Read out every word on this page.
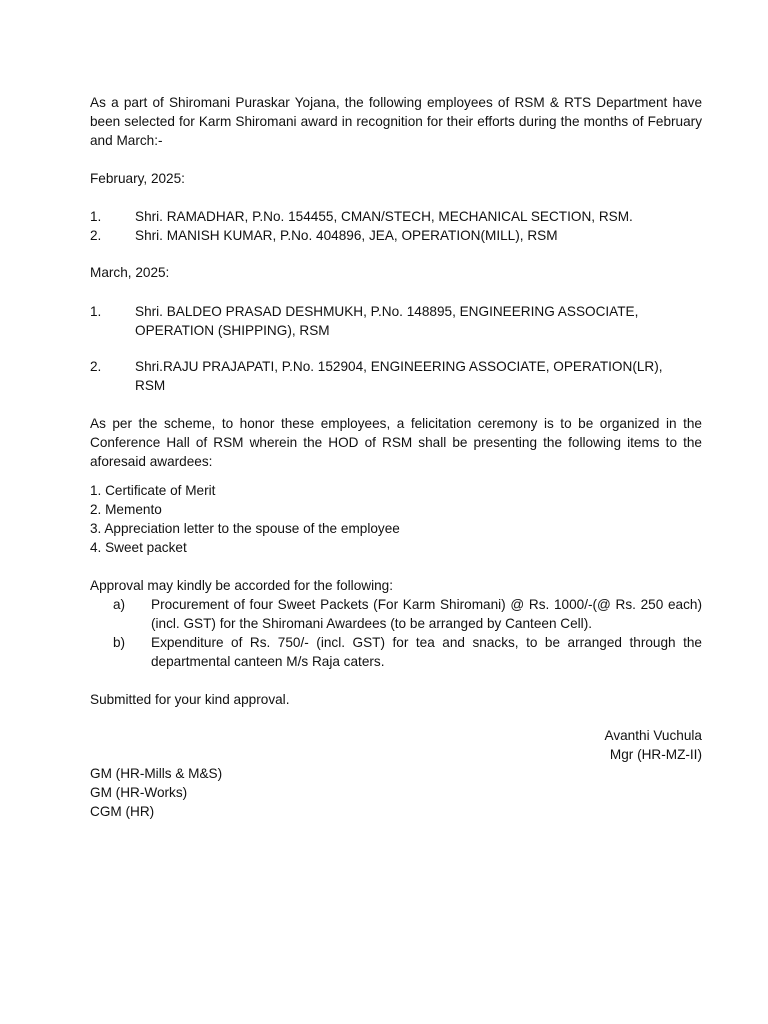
As a part of Shiromani Puraskar Yojana, the following employees of RSM & RTS Department have been selected for Karm Shiromani award in recognition for their efforts during the months of February and March:-

February, 2025:

1.	Shri. RAMADHAR, P.No. 154455, CMAN/STECH, MECHANICAL SECTION, RSM.
2.	Shri. MANISH KUMAR, P.No. 404896, JEA, OPERATION(MILL), RSM

March, 2025:

1.	Shri. BALDEO PRASAD DESHMUKH, P.No. 148895, ENGINEERING ASSOCIATE,
OPERATION (SHIPPING), RSM
2.	Shri.RAJU PRAJAPATI, P.No. 152904, ENGINEERING ASSOCIATE, OPERATION(LR),
RSM

As per the scheme, to honor these employees, a felicitation ceremony is to be organized in the Conference Hall of RSM wherein the HOD of RSM shall be presenting the following items to the aforesaid awardees:

1. Certificate of Merit

2. Memento

3. Appreciation letter to the spouse of the employee

4. Sweet packet

Approval may kindly be accorded for the following:

a)	Procurement of four Sweet Packets (For Karm Shiromani) @ Rs. 1000/-(@ Rs. 250 each) (incl. GST) for the Shiromani Awardees (to be arranged by Canteen Cell).
b)	Expenditure of Rs. 750/- (incl. GST) for tea and snacks, to be arranged through the departmental canteen M/s Raja caters.

Submitted for your kind approval.

Avanthi Vuchula

Mgr (HR-MZ-II)

GM (HR-Mills & M&S)

GM (HR-Works)

CGM (HR)
